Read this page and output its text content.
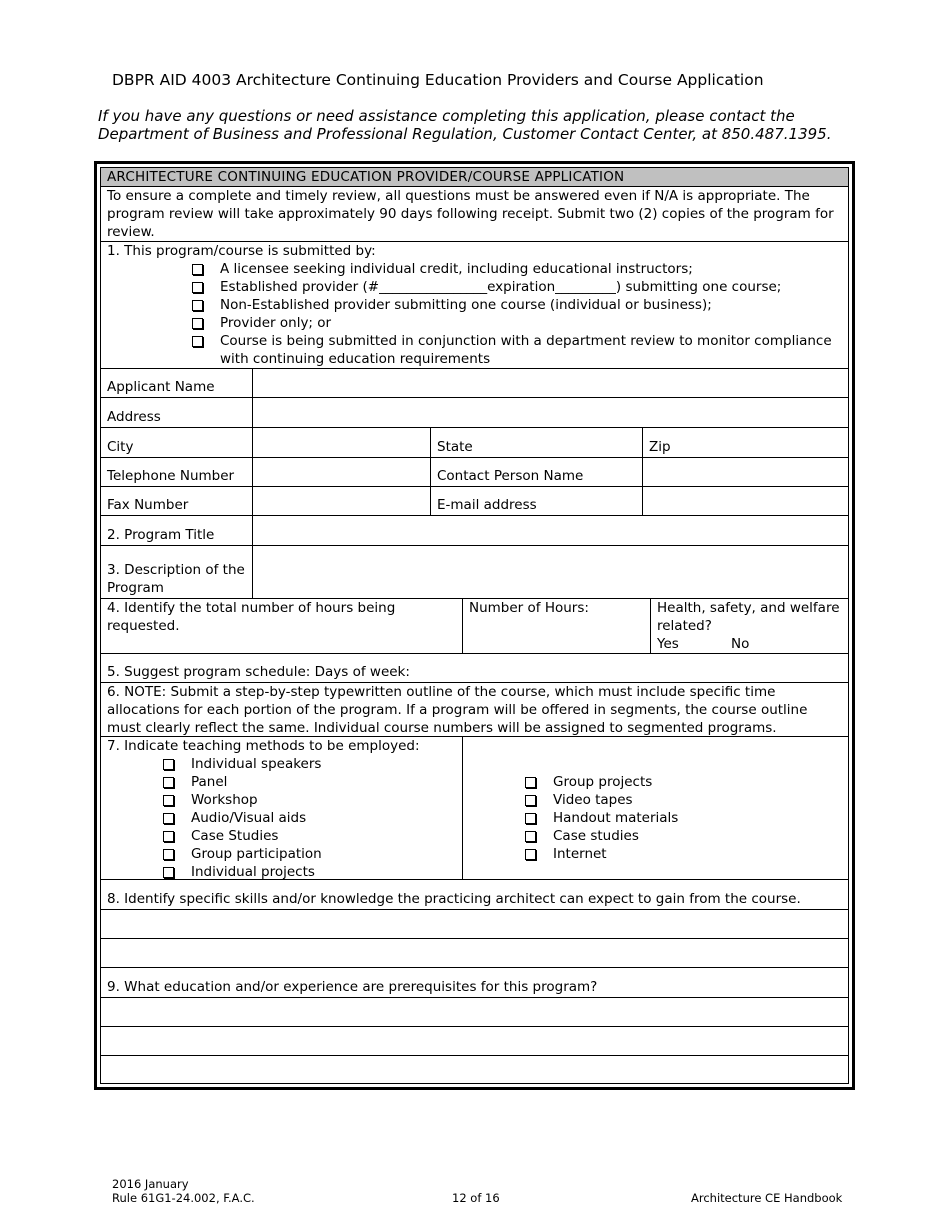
DBPR AID 4003 Architecture Continuing Education Providers and Course Application
If you have any questions or need assistance completing this application, please contact the Department of Business and Professional Regulation, Customer Contact Center, at 850.487.1395.
ARCHITECTURE CONTINUING EDUCATION PROVIDER/COURSE APPLICATION
To ensure a complete and timely review, all questions must be answered even if N/A is appropriate. The program review will take approximately 90 days following receipt. Submit two (2) copies of the program for review.
1. This program/course is submitted by:
A licensee seeking individual credit, including educational instructors;
Established provider (#________________expiration_________) submitting one course;
Non-Established provider submitting one course (individual or business);
Provider only; or
Course is being submitted in conjunction with a department review to monitor compliance with continuing education requirements
Applicant Name
Address
City	State	Zip
Telephone Number	Contact Person Name
Fax Number	E-mail address
2. Program Title
3. Description of the Program
4. Identify the total number of hours being requested.
Number of Hours:	Health, safety, and welfare related?
Yes	No
5. Suggest program schedule: Days of week:
6. NOTE: Submit a step-by-step typewritten outline of the course, which must include specific time allocations for each portion of the program. If a program will be offered in segments, the course outline must clearly reflect the same. Individual course numbers will be assigned to segmented programs.
7. Indicate teaching methods to be employed:
Individual speakers
Panel
Workshop
Audio/Visual aids
Case Studies
Group participation
Individual projects
Group projects
Video tapes
Handout materials
Case studies
Internet
8. Identify specific skills and/or knowledge the practicing architect can expect to gain from the course.
9. What education and/or experience are prerequisites for this program?
2016 January
Rule 61G1-24.002, F.A.C.	12 of 16	Architecture CE Handbook
